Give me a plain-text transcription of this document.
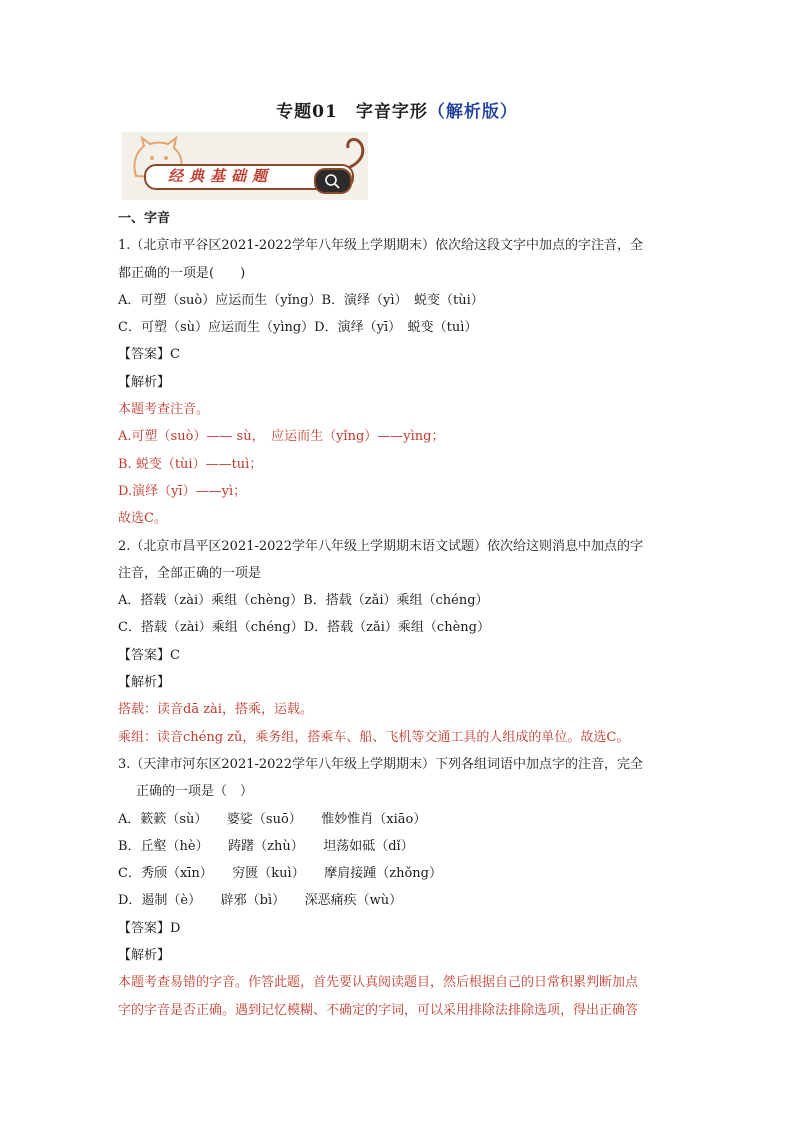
专题01　字音字形（解析版）
经典基础题
一、字音
1.（北京市平谷区2021-2022学年八年级上学期期末）依次给这段文字中加点的字注音，全
都正确的一项是(　　)
A．可塑（suò）应运而生（yǐng）B．演绎（yì）　蜕变（tùi）
C．可塑（sù）应运而生（yìng）D．演绎（yī）　蜕变（tuì）
【答案】C
【解析】
本题考查注音。
A.可塑（suò）—— sù，　应运而生（yǐng）——yìng；
B. 蜕变（tùi）——tuì；
D.演绎（yī）——yì；
故选C。
2.（北京市昌平区2021-2022学年八年级上学期期末语文试题）依次给这则消息中加点的字
注音，全部正确的一项是
A．搭载（zài）乘组（chèng）B．搭载（zǎi）乘组（chéng）
C．搭载（zài）乘组（chéng）D．搭载（zǎi）乘组（chèng）
【答案】C
【解析】
搭载：读音dā zài，搭乘，运载。
乘组：读音chéng zǔ，乘务组，搭乘车、船、飞机等交通工具的人组成的单位。故选C。
3.（天津市河东区2021-2022学年八年级上学期期末）下列各组词语中加点字的注音，完全
正确的一项是（　）
A．簌簌（sù）　　婆娑（suō）　　惟妙惟肖（xiāo）
B．丘壑（hè）　　踌躇（zhù）　　坦荡如砥（dǐ）
C．秀颀（xīn）　　穷匮（kuì）　　摩肩接踵（zhǒng）
D．遏制（è）　　辟邪（bì）　　深恶痛疾（wù）
【答案】D
【解析】
本题考查易错的字音。作答此题，首先要认真阅读题目，然后根据自己的日常积累判断加点
字的字音是否正确。遇到记忆模糊、不确定的字词，可以采用排除法排除选项，得出正确答
